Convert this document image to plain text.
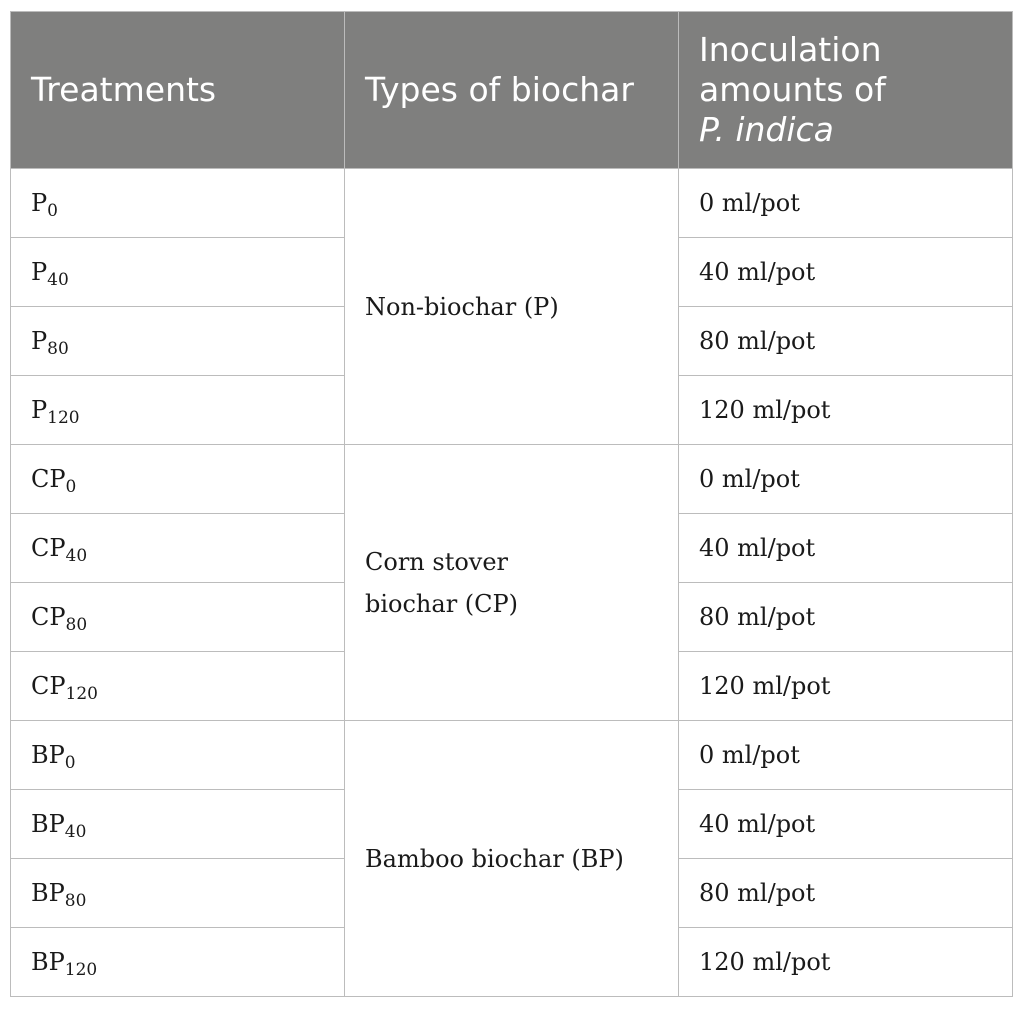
Treatments	Types of biochar	Inoculation
amounts of
P. indica

$P_0$	Non-biochar (P)	0 ml/pot
$P_{40}$		40 ml/pot
$P_{80}$		80 ml/pot
$P_{120}$		120 ml/pot
$CP_0$	Corn stover
biochar (CP)	0 ml/pot
$CP_{40}$		40 ml/pot
$CP_{80}$		80 ml/pot
$CP_{120}$		120 ml/pot
$BP_0$	Bamboo biochar (BP)	0 ml/pot
$BP_{40}$		40 ml/pot
$BP_{80}$		80 ml/pot
$BP_{120}$		120 ml/pot
